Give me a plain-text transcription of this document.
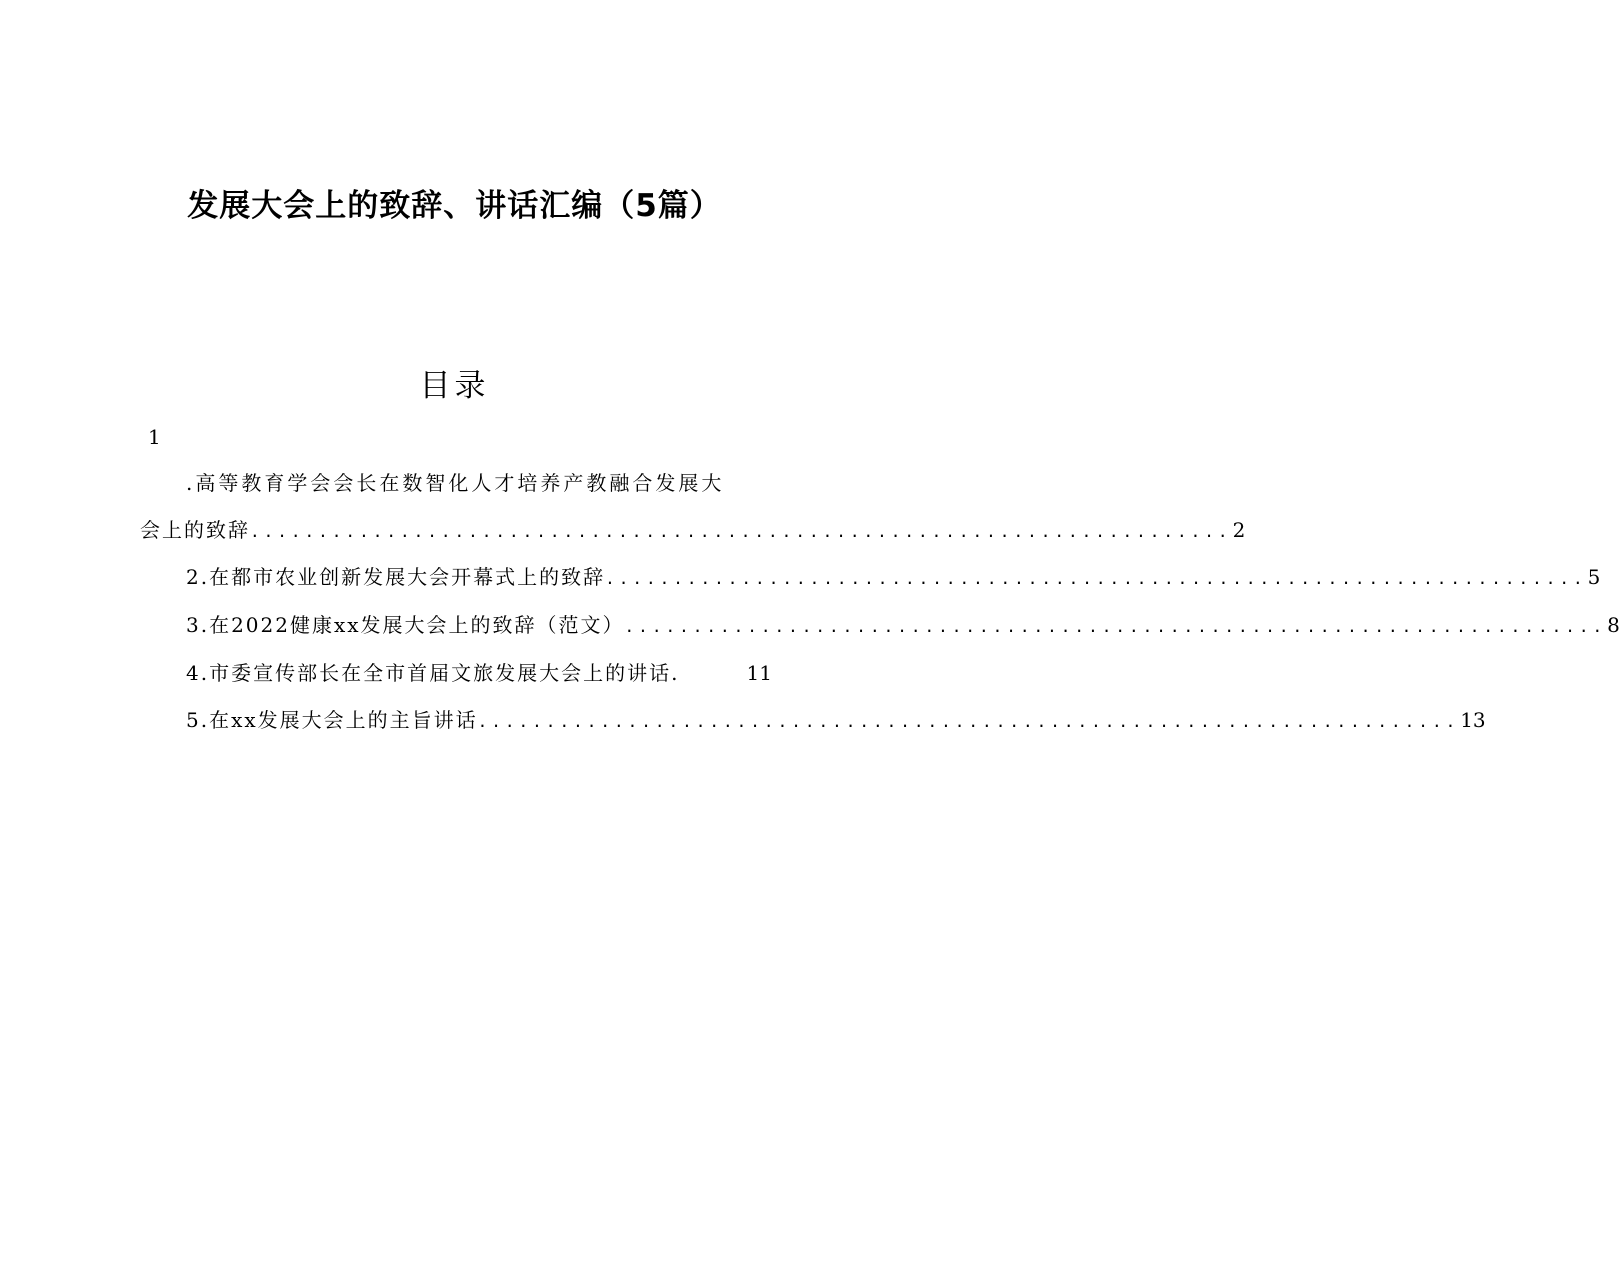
发展大会上的致辞、讲话汇编（5篇）
目录
1
.高等教育学会会长在数智化人才培养产教融合发展大
会上的致辞 ........................................................................ 2
2.在都市农业创新发展大会开幕式上的致辞 ........................................................................ 5
3.在2022健康xx发展大会上的致辞（范文） ........................................................................ 8
4.市委宣传部长在全市首届文旅发展大会上的讲话.	11
5.在xx发展大会上的主旨讲话 ........................................................................ 13
